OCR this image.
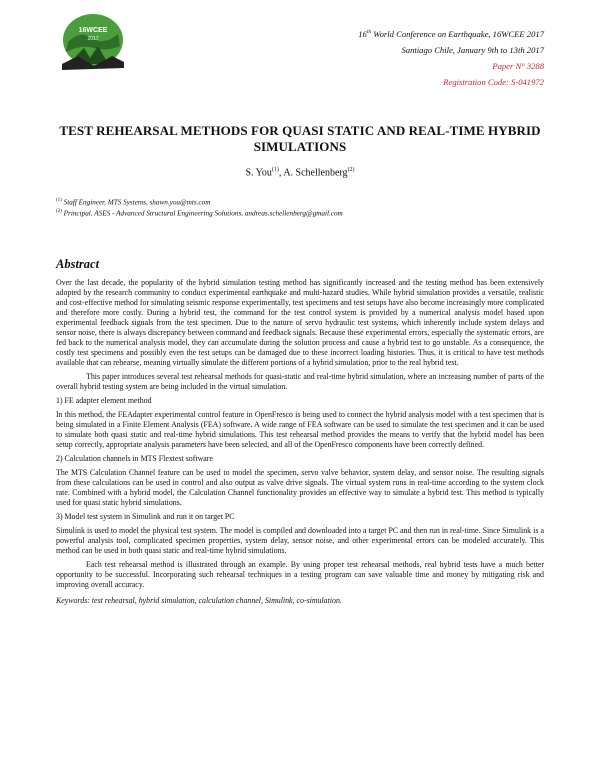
16WCEE
2017
16th World Conference on Earthquake, 16WCEE 2017
Santiago Chile, January 9th to 13th 2017
Paper N° 3288
Registration Code: S-041972
TEST REHEARSAL METHODS FOR QUASI STATIC AND REAL-TIME HYBRID SIMULATIONS
S. You$^{(1)}$, A. Schellenberg$^{(2)}$
$^{(1)}$ Staff Engineer, MTS Systems, shawn.you@mts.com
$^{(2)}$ Principal, ASES - Advanced Structural Engineering Solutions, andreas.schellenberg@gmail.com
Abstract

Over the last decade, the popularity of the hybrid simulation testing method has significantly increased and the testing method has been extensively adopted by the research community to conduct experimental earthquake and multi-hazard studies. While hybrid simulation provides a versatile, realistic and cost-effective method for simulating seismic response experimentally, test specimens and test setups have also become increasingly more complicated and therefore more costly. During a hybrid test, the command for the test control system is provided by a numerical analysis model based upon experimental feedback signals from the test specimen. Due to the nature of servo hydraulic test systems, which inherently include system delays and sensor noise, there is always discrepancy between command and feedback signals. Because these experimental errors, especially the systematic errors, are fed back to the numerical analysis model, they can accumulate during the solution process and cause a hybrid test to go unstable. As a consequence, the costly test specimens and possibly even the test setups can be damaged due to these incorrect loading histories. Thus, it is critical to have test methods available that can rehearse, meaning virtually simulate the different portions of a hybrid simulation, prior to the real hybrid test.

This paper introduces several test rehearsal methods for quasi-static and real-time hybrid simulation, where an increasing number of parts of the overall hybrid testing system are being included in the virtual simulation.

1) FE adapter element method

In this method, the FEAdapter experimental control feature in OpenFresco is being used to connect the hybrid analysis model with a test specimen that is being simulated in a Finite Element Analysis (FEA) software. A wide range of FEA software can be used to simulate the test specimen and it can be used to simulate both quasi static and real-time hybrid simulations. This test rehearsal method provides the means to verify that the hybrid model has been setup correctly, appropriate analysis parameters have been selected, and all of the OpenFresco components have been correctly defined.

2) Calculation channels in MTS Flextest software

The MTS Calculation Channel feature can be used to model the specimen, servo valve behavior, system delay, and sensor noise. The resulting signals from these calculations can be used in control and also output as valve drive signals. The virtual system runs in real-time according to the system clock rate. Combined with a hybrid model, the Calculation Channel functionality provides an effective way to simulate a hybrid test. This method is typically used for quasi static hybrid simulations.

3) Model test system in Simulink and run it on target PC

Simulink is used to model the physical test system. The model is compiled and downloaded into a target PC and then run in real-time. Since Simulink is a powerful analysis tool, complicated specimen properties, system delay, sensor noise, and other experimental errors can be modeled accurately. This method can be used in both quasi static and real-time hybrid simulations.

Each test rehearsal method is illustrated through an example. By using proper test rehearsal methods, real hybrid tests have a much better opportunity to be successful. Incorporating such rehearsal techniques in a testing program can save valuable time and money by mitigating risk and improving overall accuracy.

Keywords: test rehearsal, hybrid simulation, calculation channel, Simulink, co-simulation.
